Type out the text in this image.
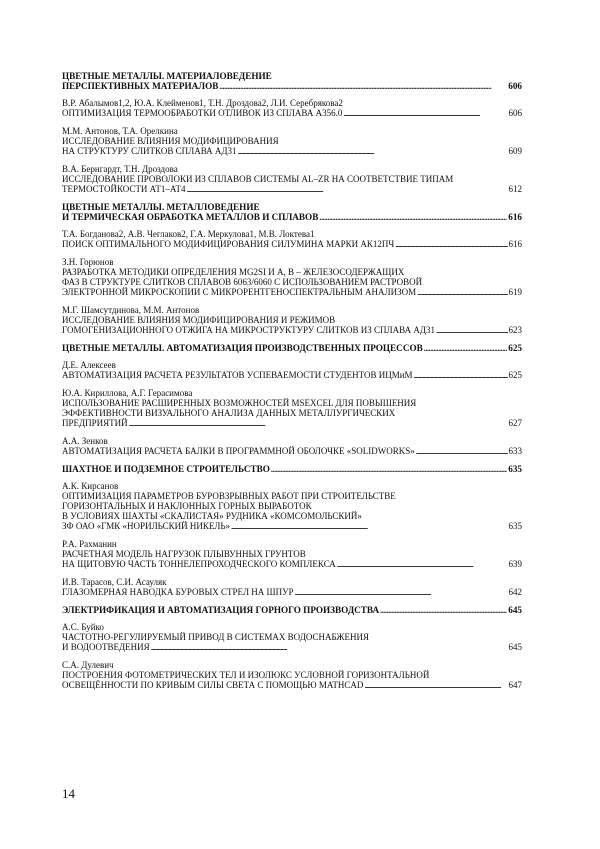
ЦВЕТНЫЕ МЕТАЛЛЫ. МАТЕРИАЛОВЕДЕНИЕ
ПЕРСПЕКТИВНЫХ МАТЕРИАЛОВ . . .	606
В.Р. Абалымов1,2, Ю.А. Клейменов1, Т.Н. Дроздова2, Л.И. Серебрякова2
ОПТИМИЗАЦИЯ ТЕРМООБРАБОТКИ ОТЛИВОК ИЗ СПЛАВА А356.0 . . .	606
М.М. Антонов, Т.А. Орелкина
ИССЛЕДОВАНИЕ ВЛИЯНИЯ МОДИФИЦИРОВАНИЯ
НА СТРУКТУРУ СЛИТКОВ СПЛАВА АД31 . . .	609
В.А. Бернгардт, Т.Н. Дроздова
ИССЛЕДОВАНИЕ ПРОВОЛОКИ ИЗ СПЛАВОВ СИСТЕМЫ AL–ZR НА СООТВЕТСТВИЕ ТИПАМ
ТЕРМОСТОЙКОСТИ АТ1–АТ4 . . .	612
ЦВЕТНЫЕ МЕТАЛЛЫ. МЕТАЛЛОВЕДЕНИЕ
И ТЕРМИЧЕСКАЯ ОБРАБОТКА МЕТАЛЛОВ И СПЛАВОВ . . .	616
Т.А. Богданова2, А.В. Чеглаков2, Г.А. Меркулова1, М.В. Локтева1
ПОИСК ОПТИМАЛЬНОГО МОДИФИЦИРОВАНИЯ СИЛУМИНА МАРКИ АК12ПЧ . . .	616
З.Н. Горюнов
РАЗРАБОТКА МЕТОДИКИ ОПРЕДЕЛЕНИЯ MG2SI И Α, Β – ЖЕЛЕЗОСОДЕРЖАЩИХ
ФАЗ В СТРУКТУРЕ СЛИТКОВ СПЛАВОВ 6063/6060 С ИСПОЛЬЗОВАНИЕМ РАСТРОВОЙ
ЭЛЕКТРОННОЙ МИКРОСКОПИИ С МИКРОРЕНТГЕНОСПЕКТРАЛЬНЫМ АНАЛИЗОМ . . .	619
М.Г. Шамсутдинова, М.М. Антонов
ИССЛЕДОВАНИЕ ВЛИЯНИЯ МОДИФИЦИРОВАНИЯ И РЕЖИМОВ
ГОМОГЕНИЗАЦИОННОГО ОТЖИГА НА МИКРОСТРУКТУРУ СЛИТКОВ ИЗ СПЛАВА АД31 . . .	623
ЦВЕТНЫЕ МЕТАЛЛЫ. АВТОМАТИЗАЦИЯ ПРОИЗВОДСТВЕННЫХ ПРОЦЕССОВ . . .	625
Д.Е. Алексеев
АВТОМАТИЗАЦИЯ РАСЧЕТА РЕЗУЛЬТАТОВ УСПЕВАЕМОСТИ СТУДЕНТОВ ИЦМиМ . . .	625
Ю.А. Кириллова, А.Г. Герасимова
ИСПОЛЬЗОВАНИЕ РАСШИРЕННЫХ ВОЗМОЖНОСТЕЙ MSEXCEL ДЛЯ ПОВЫШЕНИЯ
ЭФФЕКТИВНОСТИ ВИЗУАЛЬНОГО АНАЛИЗА ДАННЫХ МЕТАЛЛУРГИЧЕСКИХ
ПРЕДПРИЯТИЙ . . .	627
А.А. Зенков
АВТОМАТИЗАЦИЯ РАСЧЕТА БАЛКИ В ПРОГРАММНОЙ ОБОЛОЧКЕ «SOLIDWORKS» . . .	633
ШАХТНОЕ И ПОДЗЕМНОЕ СТРОИТЕЛЬСТВО . . .	635
А.К. Кирсанов
ОПТИМИЗАЦИЯ ПАРАМЕТРОВ БУРОВЗРЫВНЫХ РАБОТ ПРИ СТРОИТЕЛЬСТВЕ
ГОРИЗОНТАЛЬНЫХ И НАКЛОННЫХ ГОРНЫХ ВЫРАБОТОК
В УСЛОВИЯХ ШАХТЫ «СКАЛИСТАЯ» РУДНИКА «КОМСОМОЛЬСКИЙ»
ЗФ ОАО «ГМК «НОРИЛЬСКИЙ НИКЕЛЬ» . . .	635
Р.А. Рахманин
РАСЧЕТНАЯ МОДЕЛЬ НАГРУЗОК ПЛЫВУННЫХ ГРУНТОВ
НА ЩИТОВУЮ ЧАСТЬ ТОННЕЛЕПРОХОДЧЕСКОГО КОМПЛЕКСА . . .	639
И.В. Тарасов, С.И. Асауляк
ГЛАЗОМЕРНАЯ НАВОДКА БУРОВЫХ СТРЕЛ НА ШПУР . . .	642
ЭЛЕКТРИФИКАЦИЯ И АВТОМАТИЗАЦИЯ ГОРНОГО ПРОИЗВОДСТВА . . .	645
А.С. Буйко
ЧАСТОТНО-РЕГУЛИРУЕМЫЙ ПРИВОД В СИСТЕМАХ ВОДОСНАБЖЕНИЯ
И ВОДООТВЕДЕНИЯ . . .	645
С.А. Дулевич
ПОСТРОЕНИЯ ФОТОМЕТРИЧЕСКИХ ТЕЛ И ИЗОЛЮКС УСЛОВНОЙ ГОРИЗОНТАЛЬНОЙ
ОСВЕЩЁННОСТИ ПО КРИВЫМ СИЛЫ СВЕТА С ПОМОЩЬЮ MATHCAD . . .	647
14
